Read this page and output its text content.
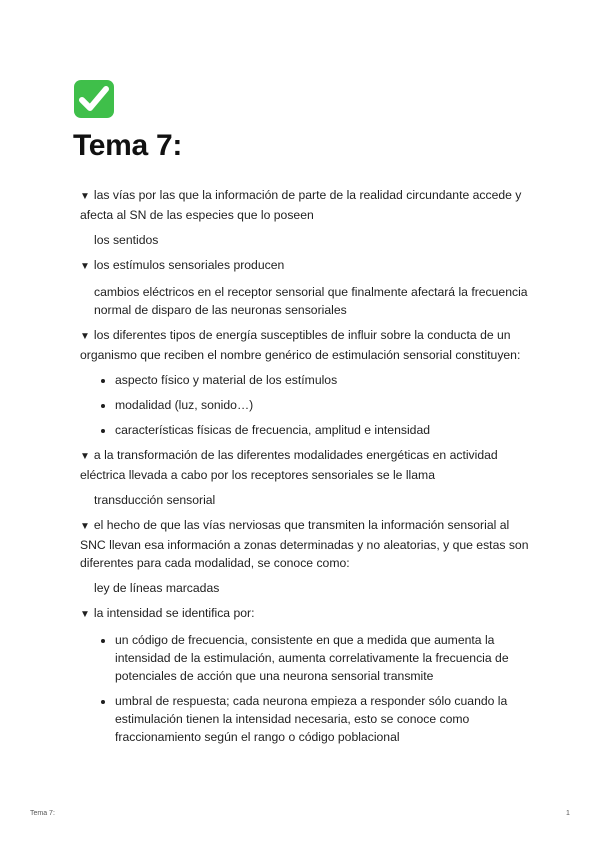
Tema 7:

▼ las vías por las que la información de parte de la realidad circundante accede y afecta al SN de las especies que lo poseen

los sentidos

▼ los estímulos sensoriales producen

cambios eléctricos en el receptor sensorial que finalmente afectará la frecuencia normal de disparo de las neuronas sensoriales

▼ los diferentes tipos de energía susceptibles de influir sobre la conducta de un organismo que reciben el nombre genérico de estimulación sensorial constituyen:

• aspecto físico y material de los estímulos
• modalidad (luz, sonido…)
• características físicas de frecuencia, amplitud e intensidad

▼ a la transformación de las diferentes modalidades energéticas en actividad eléctrica llevada a cabo por los receptores sensoriales se le llama

transducción sensorial

▼ el hecho de que las vías nerviosas que transmiten la información sensorial al SNC llevan esa información a zonas determinadas y no aleatorias, y que estas son diferentes para cada modalidad, se conoce como:

ley de líneas marcadas

▼ la intensidad se identifica por:

• un código de frecuencia, consistente en que a medida que aumenta la intensidad de la estimulación, aumenta correlativamente la frecuencia de potenciales de acción que una neurona sensorial transmite
• umbral de respuesta; cada neurona empieza a responder sólo cuando la estimulación tienen la intensidad necesaria, esto se conoce como fraccionamiento según el rango o código poblacional
Tema 7:	1
